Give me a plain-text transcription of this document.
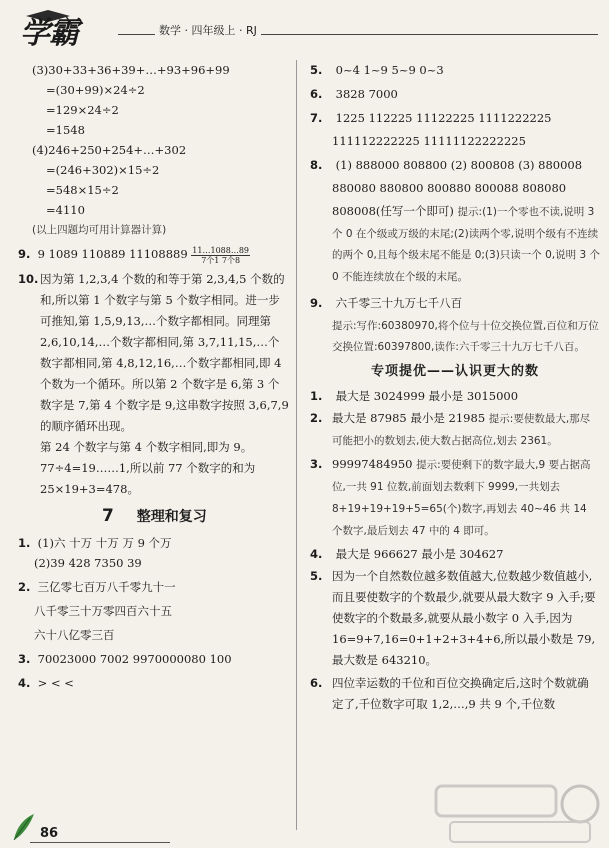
学霸	数学 · 四年级上 · RJ
(3)30+33+36+39+…+93+96+99
=(30+99)×24÷2
=129×24÷2
=1548
(4)246+250+254+…+302
=(246+302)×15÷2
=548×15÷2
=4110
(以上四题均可用计算器计算)
9. 9 1089 110889 $11108889 \frac{11\dots 1088\dots 89}{\text{7个1 7个8}}$
10. 因为第 1,2,3,4 个数的和等于第 2,3,4,5 个数的和,所以第 1 个数字与第 5 个数字相同。进一步可推知,第 1,5,9,13,…个数字都相同。同理第 2,6,10,14,…个数字都相同,第 3,7,11,15,…个数字都相同,第 4,8,12,16,…个数字都相同,即 4 个数为一个循环。所以第 2 个数字是 6,第 3 个数字是 7,第 4 个数字是 9,这串数字按照 3,6,7,9 的顺序循环出现。
第 24 个数字与第 4 个数字相同,即为 9。
77÷4=19……1,所以前 77 个数字的和为 25×19+3=478。
7 整理和复习
1. (1)六 十万 十万 万 9 个万
(2)39 428 7350 39
2. 三亿零七百万八千零九十一
八千零三十万零四百六十五
六十八亿零三百
3. 70023000 7002 9970000080 100
4. > < <
5. 0~4 1~9 5~9 0~3
6. 3828 7000
7. 1225 112225 11122225 1111222225
111112222225 11111122222225
8. (1) 888000 808800 (2) 800808 (3) 880008
880080 880800 800880 800088 808080
808008(任写一个即可) 提示:(1)一个零也不读,说明 3 个 0 在个级或万级的末尾;(2)读两个零,说明个级有不连续的两个 0,且每个级末尾不能是 0;(3)只读一个 0,说明 3 个 0 不能连续放在个级的末尾。
9. 六千零三十九万七千八百
提示:写作:60380970,将个位与十位交换位置,百位和万位交换位置:60397800,读作:六千零三十九万七千八百。
专项提优——认识更大的数
1. 最大是 3024999 最小是 3015000
2. 最大是 87985 最小是 21985 提示:要使数最大,那尽可能把小的数划去,使大数占据高位,划去 2361。
3. 99997484950 提示:要使剩下的数字最大,9 要占据高位,一共 91 位数,前面划去数剩下 9999,一共划去 8+19+19+19+5=65(个)数字,再划去 40~46 共 14 个数字,最后划去 47 中的 4 即可。
4. 最大是 966627 最小是 304627
5. 因为一个自然数位越多数值越大,位数越少数值越小,而且要使数字的个数最少,就要从最大数字 9 入手;要使数字的个数最多,就要从最小数字 0 入手,因为 16=9+7,16=0+1+2+3+4+6,所以最小数是 79,最大数是 643210。
6. 四位幸运数的千位和百位交换确定后,这时个数就确定了,千位数字可取 1,2,…,9 共 9 个,千位数
86
